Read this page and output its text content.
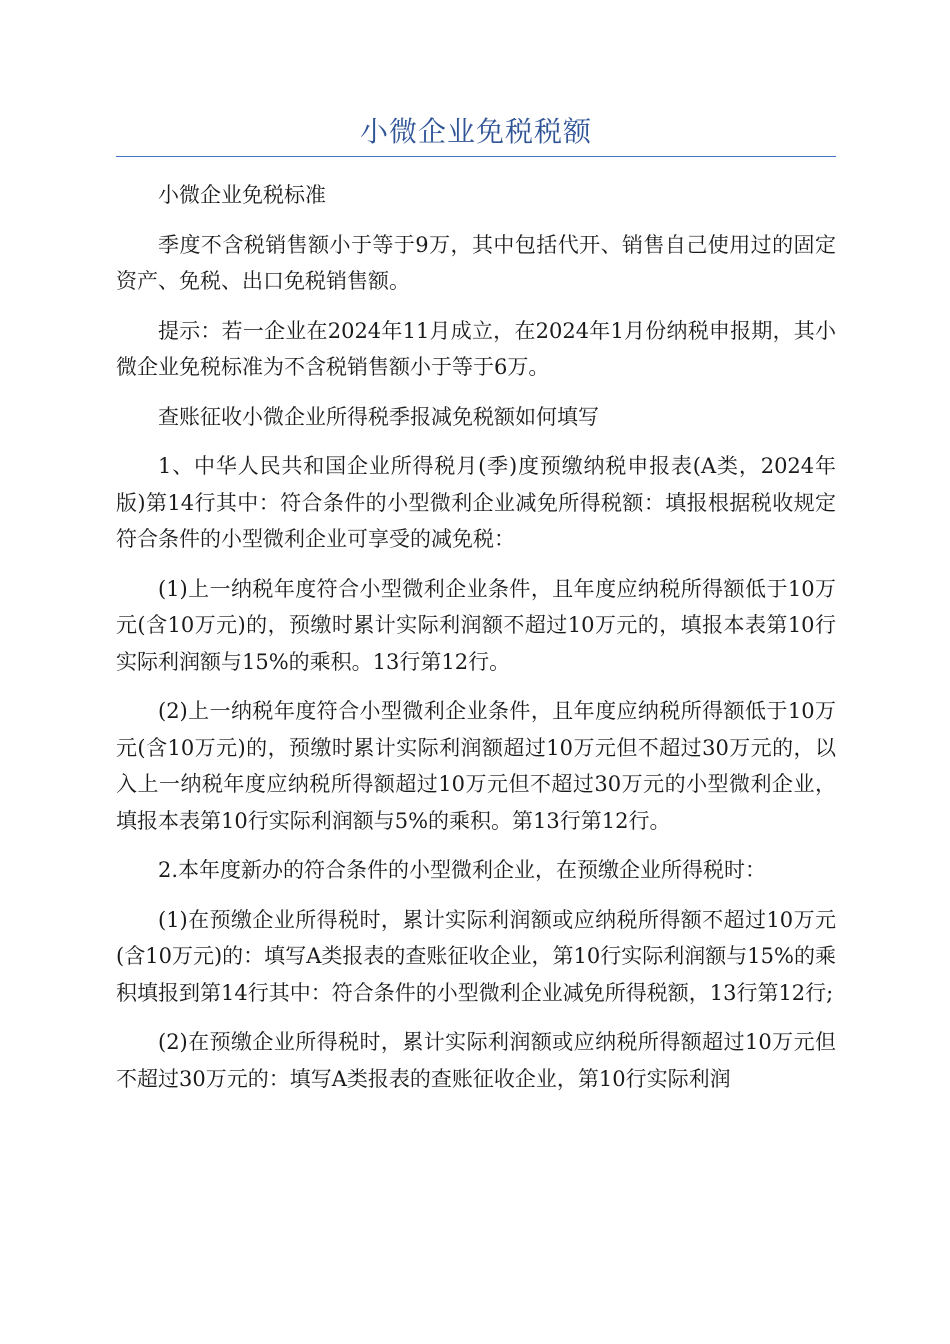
小微企业免税税额

小微企业免税标准

季度不含税销售额小于等于9万，其中包括代开、销售自己使用过的固定资产、免税、出口免税销售额。

提示：若一企业在2024年11月成立，在2024年1月份纳税申报期，其小微企业免税标准为不含税销售额小于等于6万。

查账征收小微企业所得税季报减免税额如何填写

1、中华人民共和国企业所得税月(季)度预缴纳税申报表(A类，2024年版)第14行其中：符合条件的小型微利企业减免所得税额：填报根据税收规定符合条件的小型微利企业可享受的减免税：

(1)上一纳税年度符合小型微利企业条件，且年度应纳税所得额低于10万元(含10万元)的，预缴时累计实际利润额不超过10万元的，填报本表第10行实际利润额与15%的乘积。13行第12行。

(2)上一纳税年度符合小型微利企业条件，且年度应纳税所得额低于10万元(含10万元)的，预缴时累计实际利润额超过10万元但不超过30万元的，以入上一纳税年度应纳税所得额超过10万元但不超过30万元的小型微利企业，填报本表第10行实际利润额与5%的乘积。第13行第12行。

2.本年度新办的符合条件的小型微利企业，在预缴企业所得税时：

(1)在预缴企业所得税时，累计实际利润额或应纳税所得额不超过10万元(含10万元)的：填写A类报表的查账征收企业，第10行实际利润额与15%的乘积填报到第14行其中：符合条件的小型微利企业减免所得税额，13行第12行;

(2)在预缴企业所得税时，累计实际利润额或应纳税所得额超过10万元但不超过30万元的：填写A类报表的查账征收企业，第10行实际利润
